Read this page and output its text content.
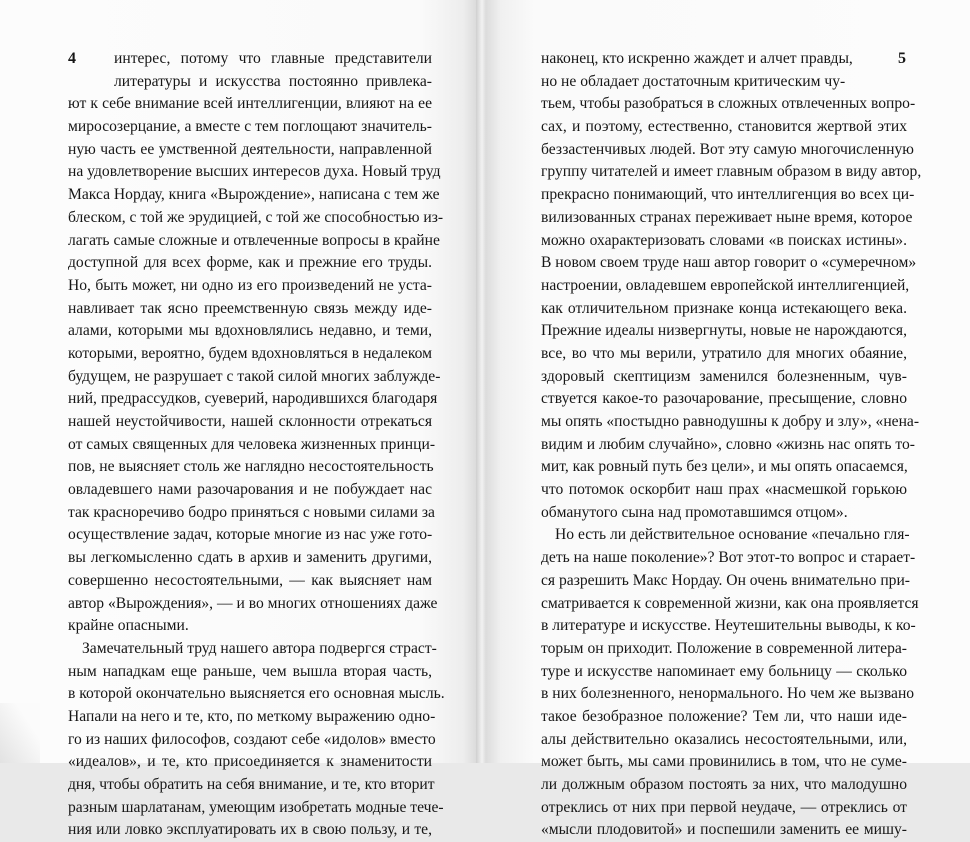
4	интерес, потому что главные представители
литературы и искусства постоянно привлека-
ют к себе внимание всей интеллигенции, влияют на ее
миросозерцание, а вместе с тем поглощают значитель-
ную часть ее умственной деятельности, направленной
на удовлетворение высших интересов духа. Новый труд
Макса Нордау, книга «Вырождение», написана с тем же
блеском, с той же эрудицией, с той же способностью из-
лагать самые сложные и отвлеченные вопросы в крайне
доступной для всех форме, как и прежние его труды.
Но, быть может, ни одно из его произведений не уста-
навливает так ясно преемственную связь между иде-
алами, которыми мы вдохновлялись недавно, и теми,
которыми, вероятно, будем вдохновляться в недалеком
будущем, не разрушает с такой силой многих заблужде-
ний, предрассудков, суеверий, народившихся благодаря
нашей неустойчивости, нашей склонности отрекаться
от самых священных для человека жизненных принци-
пов, не выясняет столь же наглядно несостоятельность
овладевшего нами разочарования и не побуждает нас
так красноречиво бодро приняться с новыми силами за
осуществление задач, которые многие из нас уже гото-
вы легкомысленно сдать в архив и заменить другими,
совершенно несостоятельными, — как выясняет нам
автор «Вырождения», — и во многих отношениях даже
крайне опасными.
Замечательный труд нашего автора подвергся страст-
ным нападкам еще раньше, чем вышла вторая часть,
в которой окончательно выясняется его основная мысль.
Напали на него и те, кто, по меткому выражению одно-
го из наших философов, создают себе «идолов» вместо
«идеалов», и те, кто присоединяется к знаменитости
дня, чтобы обратить на себя внимание, и те, кто вторит
разным шарлатанам, умеющим изобретать модные тече-
ния или ловко эксплуатировать их в свою пользу, и те,
5
наконец, кто искренно жаждет и алчет правды,
но не обладает достаточным критическим чу-
тьем, чтобы разобраться в сложных отвлеченных вопро-
сах, и поэтому, естественно, становится жертвой этих
беззастенчивых людей. Вот эту самую многочисленную
группу читателей и имеет главным образом в виду автор,
прекрасно понимающий, что интеллигенция во всех ци-
вилизованных странах переживает ныне время, которое
можно охарактеризовать словами «в поисках истины».
В новом своем труде наш автор говорит о «сумеречном»
настроении, овладевшем европейской интеллигенцией,
как отличительном признаке конца истекающего века.
Прежние идеалы низвергнуты, новые не нарождаются,
все, во что мы верили, утратило для многих обаяние,
здоровый скептицизм заменился болезненным, чув-
ствуется какое-то разочарование, пресыщение, словно
мы опять «постыдно равнодушны к добру и злу», «нена-
видим и любим случайно», словно «жизнь нас опять то-
мит, как ровный путь без цели», и мы опять опасаемся,
что потомок оскорбит наш прах «насмешкой горькою
обманутого сына над промотавшимся отцом».
Но есть ли действительное основание «печально гля-
деть на наше поколение»? Вот этот-то вопрос и старает-
ся разрешить Макс Нордау. Он очень внимательно при-
сматривается к современной жизни, как она проявляется
в литературе и искусстве. Неутешительны выводы, к ко-
торым он приходит. Положение в современной литера-
туре и искусстве напоминает ему больницу — сколько
в них болезненного, ненормального. Но чем же вызвано
такое безобразное положение? Тем ли, что наши иде-
алы действительно оказались несостоятельными, или,
может быть, мы сами провинились в том, что не суме-
ли должным образом постоять за них, что малодушно
отреклись от них при первой неудаче, — отреклись от
«мысли плодовитой» и поспешили заменить ее мишу-
